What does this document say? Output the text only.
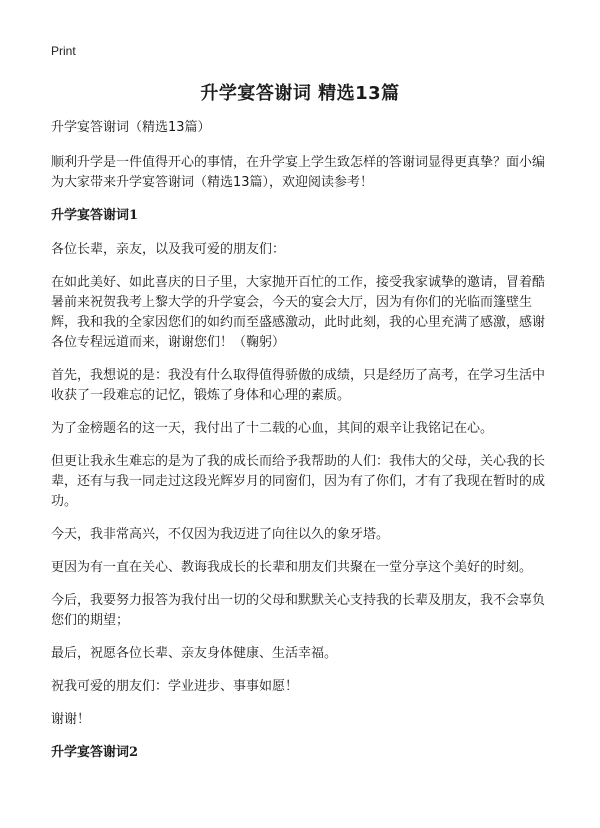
Print
升学宴答谢词 精选13篇

升学宴答谢词（精选13篇）

顺利升学是一件值得开心的事情，在升学宴上学生致怎样的答谢词显得更真挚？面小编为大家带来升学宴答谢词（精选13篇），欢迎阅读参考！

升学宴答谢词1

各位长辈，亲友，以及我可爱的朋友们：

在如此美好、如此喜庆的日子里，大家抛开百忙的工作，接受我家诚挚的邀请，冒着酷暑前来祝贺我考上黎大学的升学宴会，今天的宴会大厅，因为有你们的光临而篷壁生辉，我和我的全家因您们的如约而至盛感激动，此时此刻，我的心里充满了感激，感谢各位专程远道而来，谢谢您们！（鞠躬）

首先，我想说的是：我没有什么取得值得骄傲的成绩，只是经历了高考，在学习生活中收获了一段难忘的记忆，锻炼了身体和心理的素质。

为了金榜题名的这一天，我付出了十二载的心血，其间的艰辛让我铭记在心。

但更让我永生难忘的是为了我的成长而给予我帮助的人们：我伟大的父母，关心我的长辈，还有与我一同走过这段光辉岁月的同窗们，因为有了你们，才有了我现在暂时的成功。

今天，我非常高兴，不仅因为我迈进了向往以久的象牙塔。

更因为有一直在关心、教诲我成长的长辈和朋友们共聚在一堂分享这个美好的时刻。

今后，我要努力报答为我付出一切的父母和默默关心支持我的长辈及朋友，我不会辜负您们的期望；

最后，祝愿各位长辈、亲友身体健康、生活幸福。

祝我可爱的朋友们：学业进步、事事如愿！

谢谢！

升学宴答谢词2
